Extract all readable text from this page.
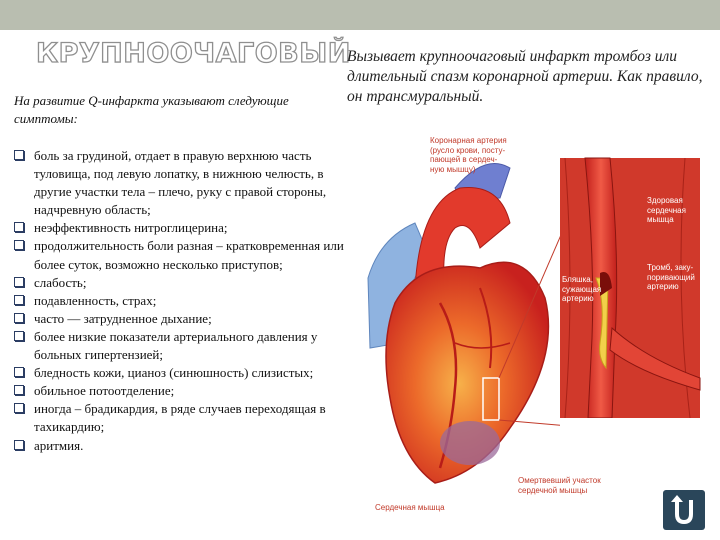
КРУПНООЧАГОВЫЙ
На развитие Q-инфаркта указывают следующие симптомы:
Вызывает крупноочаговый инфаркт тромбоз или длительный спазм коронарной артерии. Как правило, он трансмуральный.
боль за грудиной, отдает в правую верхнюю часть туловища, под левую лопатку, в нижнюю челюсть, в другие участки тела – плечо, руку с правой стороны, надчревную область;
неэффективность нитроглицерина;
продолжительность боли разная – кратковременная или более суток, возможно несколько приступов;
слабость;
подавленность, страх;
часто — затрудненное дыхание;
более низкие показатели артериального давления у больных гипертензией;
бледность кожи, цианоз (синюшность) слизистых;
обильное потоотделение;
иногда – брадикардия, в ряде случаев переходящая в тахикардию;
аритмия.
Коронарная артерия
(русло крови, посту-
пающей в сердеч-
ную мышцу)
Здоровая
сердечная
мышца
Бляшка,
сужающая
артерию
Тромб, заку-
поривающий
артерию
Омертвевший участок
сердечной мышцы
Сердечная мышца
